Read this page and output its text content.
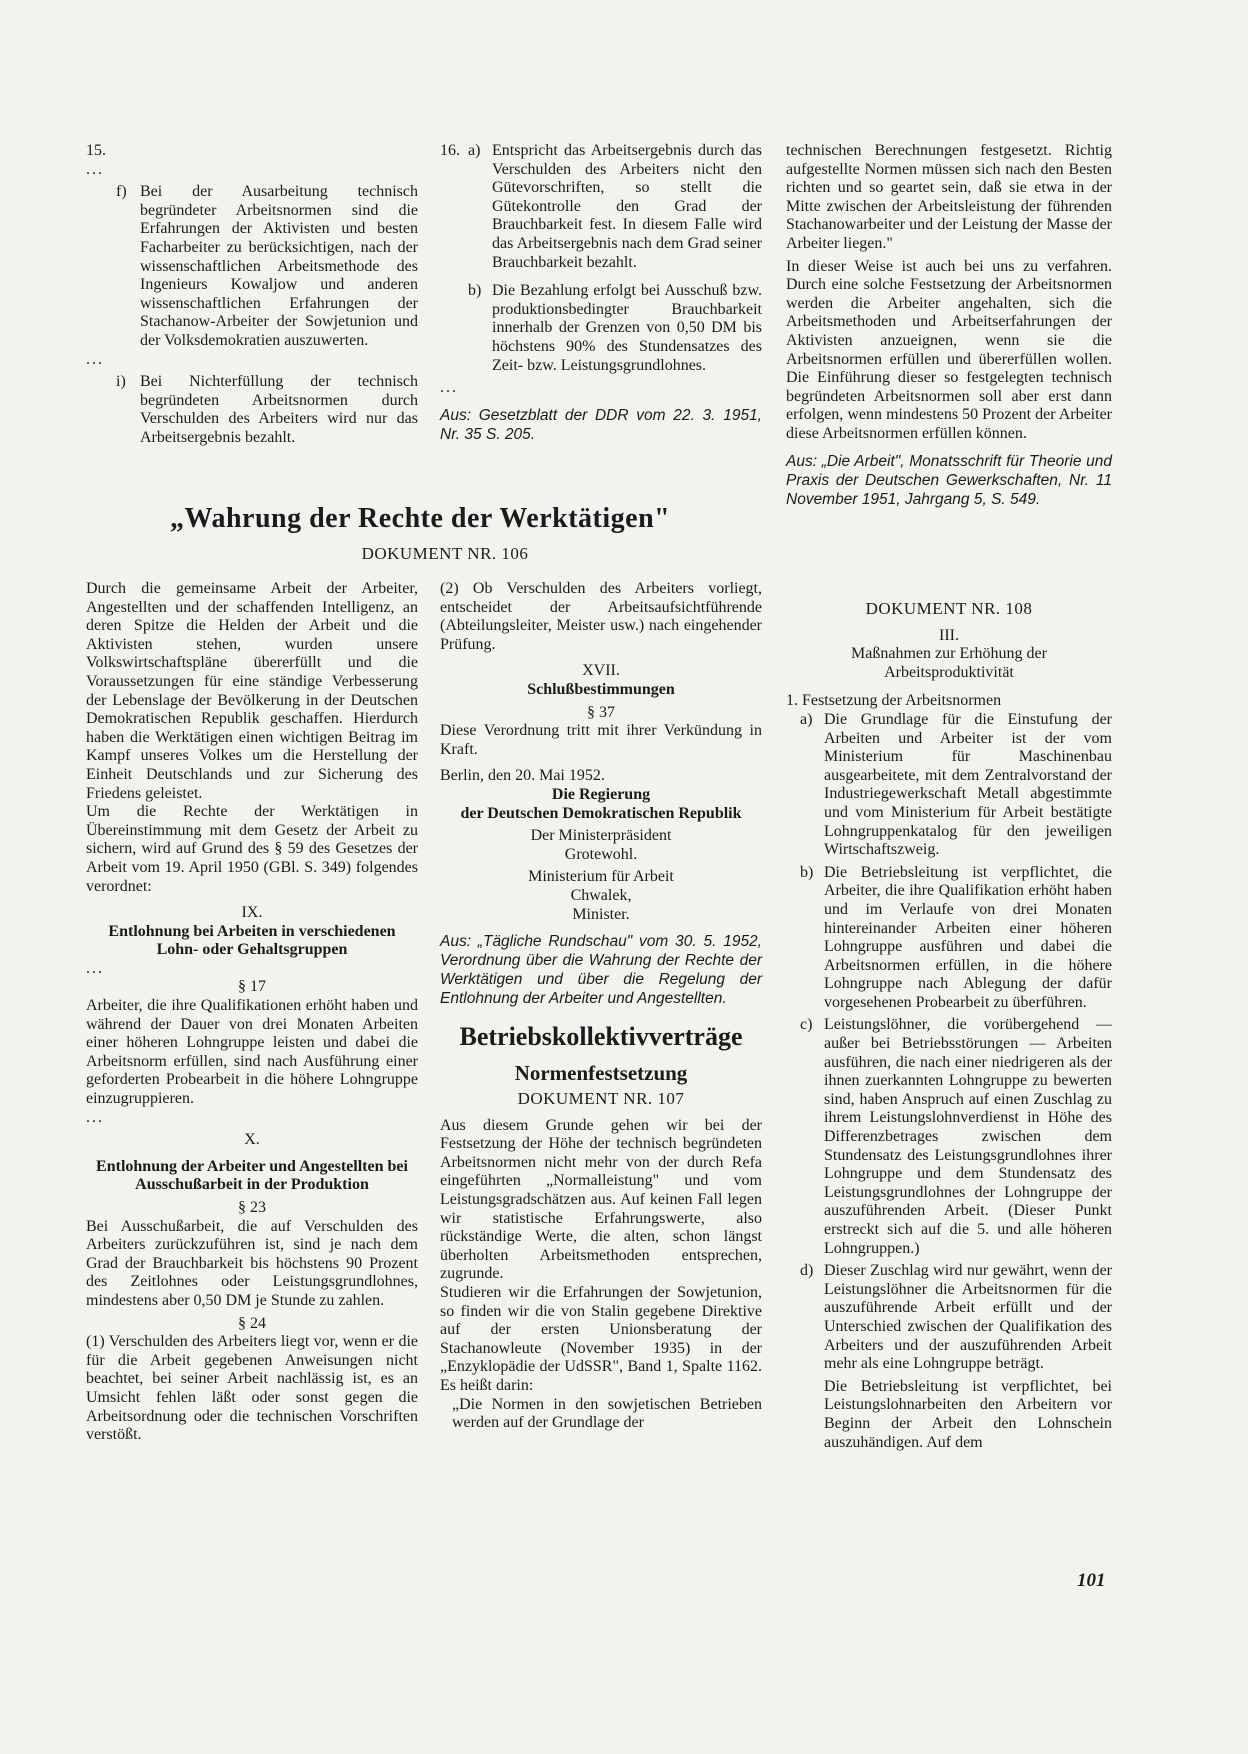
15.

...

f) Bei der Ausarbeitung technisch begründeter Arbeitsnormen sind die Erfahrungen der Aktivisten und besten Facharbeiter zu berücksichtigen, nach der wissenschaftlichen Arbeitsmethode des Ingenieurs Kowaljow und anderen wissenschaftlichen Erfahrungen der Stachanow-Arbeiter der Sowjetunion und der Volksdemokratien auszuwerten.

...

i) Bei Nichterfüllung der technisch begründeten Arbeitsnormen durch Verschulden des Arbeiters wird nur das Arbeitsergebnis bezahlt.
16. a) Entspricht das Arbeitsergebnis durch das Verschulden des Arbeiters nicht den Gütevorschriften, so stellt die Gütekontrolle den Grad der Brauchbarkeit fest. In diesem Falle wird das Arbeitsergebnis nach dem Grad seiner Brauchbarkeit bezahlt.
b) Die Bezahlung erfolgt bei Ausschuß bzw. produktionsbedingter Brauchbarkeit innerhalb der Grenzen von 0,50 DM bis höchstens 90% des Stundensatzes des Zeit- bzw. Leistungsgrundlohnes.

...

Aus: Gesetzblatt der DDR vom 22. 3. 1951, Nr. 35 S. 205.

technischen Berechnungen festgesetzt. Richtig aufgestellte Normen müssen sich nach den Besten richten und so geartet sein, daß sie etwa in der Mitte zwischen der Arbeitsleistung der führenden Stachanowarbeiter und der Leistung der Masse der Arbeiter liegen."

In dieser Weise ist auch bei uns zu verfahren. Durch eine solche Festsetzung der Arbeitsnormen werden die Arbeiter angehalten, sich die Arbeitsmethoden und Arbeitserfahrungen der Aktivisten anzueignen, wenn sie die Arbeitsnormen erfüllen und übererfüllen wollen. Die Einführung dieser so festgelegten technisch begründeten Arbeitsnormen soll aber erst dann erfolgen, wenn mindestens 50 Prozent der Arbeiter diese Arbeitsnormen erfüllen können.

Aus: „Die Arbeit", Monatsschrift für Theorie und Praxis der Deutschen Gewerkschaften, Nr. 11 November 1951, Jahrgang 5, S. 549.

„Wahrung der Rechte der Werktätigen"
DOKUMENT NR. 106

Durch die gemeinsame Arbeit der Arbeiter, Angestellten und der schaffenden Intelligenz, an deren Spitze die Helden der Arbeit und die Aktivisten stehen, wurden unsere Volkswirtschaftspläne übererfüllt und die Voraussetzungen für eine ständige Verbesserung der Lebenslage der Bevölkerung in der Deutschen Demokratischen Republik geschaffen. Hierdurch haben die Werktätigen einen wichtigen Beitrag im Kampf unseres Volkes um die Herstellung der Einheit Deutschlands und zur Sicherung des Friedens geleistet.

Um die Rechte der Werktätigen in Übereinstimmung mit dem Gesetz der Arbeit zu sichern, wird auf Grund des § 59 des Gesetzes der Arbeit vom 19. April 1950 (GBl. S. 349) folgendes verordnet:

IX.

Entlohnung bei Arbeiten in verschiedenen Lohn- oder Gehaltsgruppen

...

§ 17

Arbeiter, die ihre Qualifikationen erhöht haben und während der Dauer von drei Monaten Arbeiten einer höheren Lohngruppe leisten und dabei die Arbeitsnorm erfüllen, sind nach Ausführung einer geforderten Probearbeit in die höhere Lohngruppe einzugruppieren.

...

X.

Entlohnung der Arbeiter und Angestellten bei Ausschußarbeit in der Produktion

§ 23

Bei Ausschußarbeit, die auf Verschulden des Arbeiters zurückzuführen ist, sind je nach dem Grad der Brauchbarkeit bis höchstens 90 Prozent des Zeitlohnes oder Leistungsgrundlohnes, mindestens aber 0,50 DM je Stunde zu zahlen.

§ 24

(1) Verschulden des Arbeiters liegt vor, wenn er die für die Arbeit gegebenen Anweisungen nicht beachtet, bei seiner Arbeit nachlässig ist, es an Umsicht fehlen läßt oder sonst gegen die Arbeitsordnung oder die technischen Vorschriften verstößt.

(2) Ob Verschulden des Arbeiters vorliegt, entscheidet der Arbeitsaufsichtführende (Abteilungsleiter, Meister usw.) nach eingehender Prüfung.

XVII.

Schlußbestimmungen

§ 37

Diese Verordnung tritt mit ihrer Verkündung in Kraft.

Berlin, den 20. Mai 1952.

Die Regierung

der Deutschen Demokratischen Republik

Der Ministerpräsident

Grotewohl.

Ministerium für Arbeit

Chwalek,

Minister.

Aus: „Tägliche Rundschau" vom 30. 5. 1952, Verordnung über die Wahrung der Rechte der Werktätigen und über die Regelung der Entlohnung der Arbeiter und Angestellten.

Betriebskollektivverträge

Normenfestsetzung

DOKUMENT NR. 107

Aus diesem Grunde gehen wir bei der Festsetzung der Höhe der technisch begründeten Arbeitsnormen nicht mehr von der durch Refa eingeführten „Normalleistung" und vom Leistungsgradschätzen aus. Auf keinen Fall legen wir statistische Erfahrungswerte, also rückständige Werte, die alten, schon längst überholten Arbeitsmethoden entsprechen, zugrunde.

Studieren wir die Erfahrungen der Sowjetunion, so finden wir die von Stalin gegebene Direktive auf der ersten Unionsberatung der Stachanowleute (November 1935) in der „Enzyklopädie der UdSSR", Band 1, Spalte 1162. Es heißt darin:

„Die Normen in den sowjetischen Betrieben werden auf der Grundlage der

DOKUMENT NR. 108

III.

Maßnahmen zur Erhöhung der Arbeitsproduktivität

1. Festsetzung der Arbeitsnormen

a) Die Grundlage für die Einstufung der Arbeiten und Arbeiter ist der vom Ministerium für Maschinenbau ausgearbeitete, mit dem Zentralvorstand der Industriegewerkschaft Metall abgestimmte und vom Ministerium für Arbeit bestätigte Lohngruppenkatalog für den jeweiligen Wirtschaftszweig.
b) Die Betriebsleitung ist verpflichtet, die Arbeiter, die ihre Qualifikation erhöht haben und im Verlaufe von drei Monaten hintereinander Arbeiten einer höheren Lohngruppe ausführen und dabei die Arbeitsnormen erfüllen, in die höhere Lohngruppe nach Ablegung der dafür vorgesehenen Probearbeit zu überführen.
c) Leistungslöhner, die vorübergehend — außer bei Betriebsstörungen — Arbeiten ausführen, die nach einer niedrigeren als der ihnen zuerkannten Lohngruppe zu bewerten sind, haben Anspruch auf einen Zuschlag zu ihrem Leistungslohnverdienst in Höhe des Differenzbetrages zwischen dem Stundensatz des Leistungsgrundlohnes ihrer Lohngruppe und dem Stundensatz des Leistungsgrundlohnes der Lohngruppe der auszuführenden Arbeit. (Dieser Punkt erstreckt sich auf die 5. und alle höheren Lohngruppen.)
d) Dieser Zuschlag wird nur gewährt, wenn der Leistungslöhner die Arbeitsnormen für die auszuführende Arbeit erfüllt und der Unterschied zwischen der Qualifikation des Arbeiters und der auszuführenden Arbeit mehr als eine Lohngruppe beträgt.

Die Betriebsleitung ist verpflichtet, bei Leistungslohnarbeiten den Arbeitern vor Beginn der Arbeit den Lohnschein auszuhändigen. Auf dem

101
